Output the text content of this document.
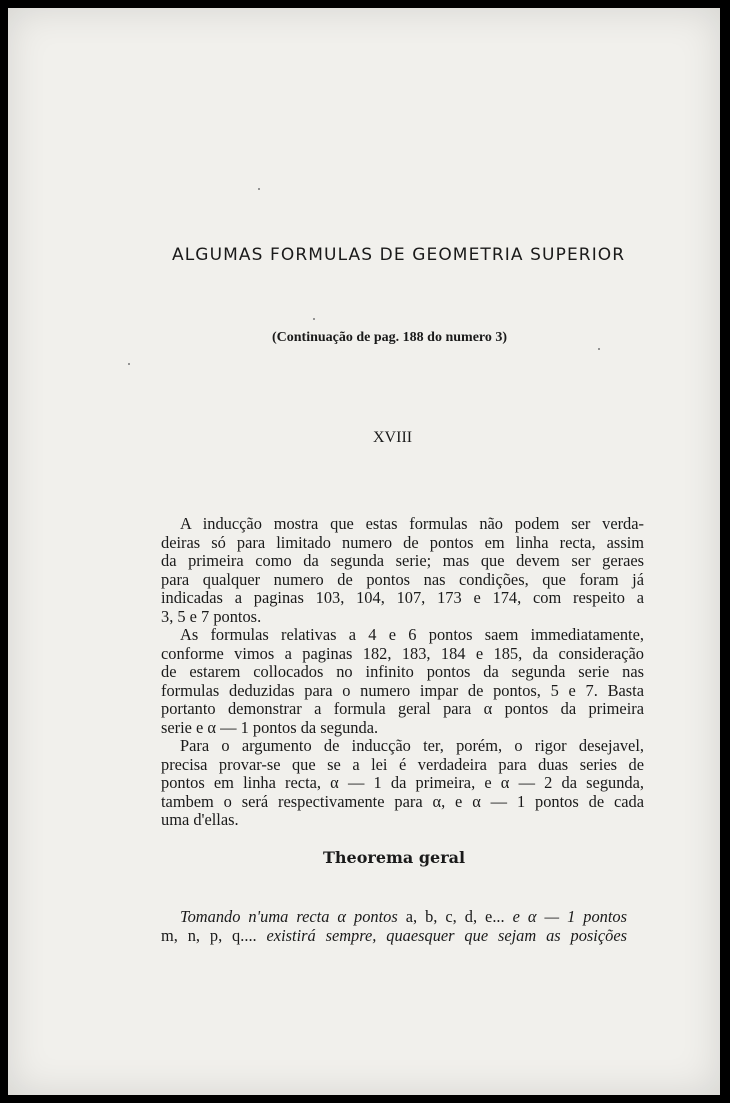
ALGUMAS FORMULAS DE GEOMETRIA SUPERIOR
(Continuação de pag. 188 do numero 3)
XVIII
A inducção mostra que estas formulas não podem ser verda-
deiras só para limitado numero de pontos em linha recta, assim
da primeira como da segunda serie; mas que devem ser geraes
para qualquer numero de pontos nas condições, que foram já
indicadas a paginas 103, 104, 107, 173 e 174, com respeito a
3, 5 e 7 pontos.
As formulas relativas a 4 e 6 pontos saem immediatamente,
conforme vimos a paginas 182, 183, 184 e 185, da consideração
de estarem collocados no infinito pontos da segunda serie nas
formulas deduzidas para o numero impar de pontos, 5 e 7. Basta
portanto demonstrar a formula geral para α pontos da primeira
serie e α — 1 pontos da segunda.
Para o argumento de inducção ter, porém, o rigor desejavel,
precisa provar-se que se a lei é verdadeira para duas series de
pontos em linha recta, α — 1 da primeira, e α — 2 da segunda,
tambem o será respectivamente para α, e α — 1 pontos de cada
uma d'ellas.
Theorema geral
Tomando n'uma recta α pontos a, b, c, d, e... e α — 1 pontos
m, n, p, q.... existirá sempre, quaesquer que sejam as posições
